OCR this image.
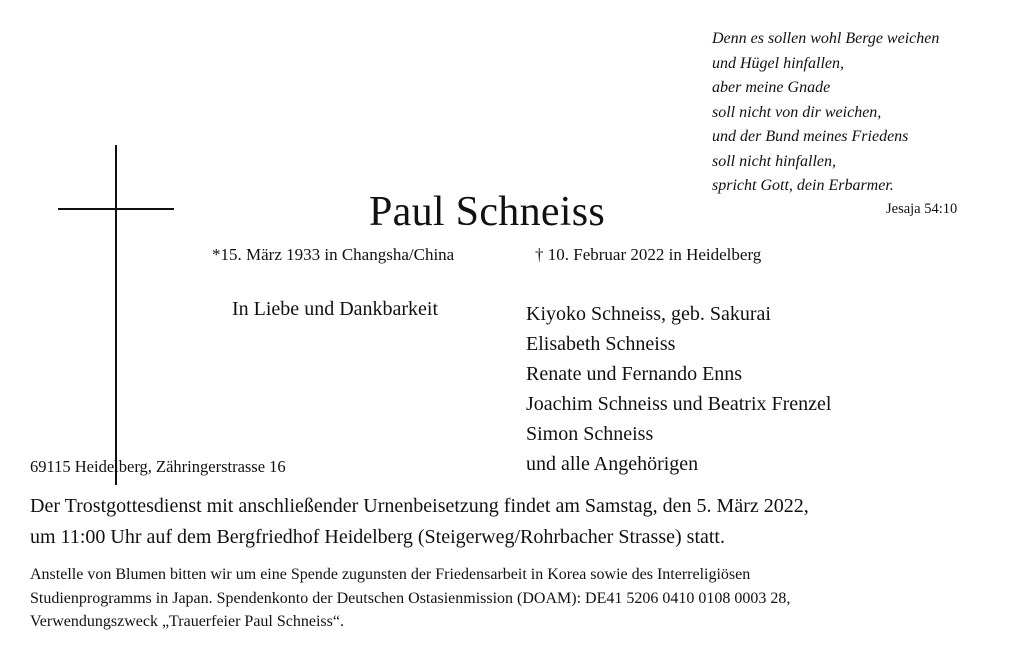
Denn es sollen wohl Berge weichen
und Hügel hinfallen,
aber meine Gnade
soll nicht von dir weichen,
und der Bund meines Friedens
soll nicht hinfallen,
spricht Gott, dein Erbarmer.
Jesaja 54:10
Paul Schneiss
*15. März 1933 in Changsha/China	† 10. Februar 2022 in Heidelberg
In Liebe und Dankbarkeit	Kiyoko Schneiss, geb. Sakurai
Elisabeth Schneiss
Renate und Fernando Enns
Joachim Schneiss und Beatrix Frenzel
Simon Schneiss
und alle Angehörigen
69115 Heidelberg, Zähringerstrasse 16
Der Trostgottesdienst mit anschließender Urnenbeisetzung findet am Samstag, den 5. März 2022,
um 11:00 Uhr auf dem Bergfriedhof Heidelberg (Steigerweg/Rohrbacher Strasse) statt.
Anstelle von Blumen bitten wir um eine Spende zugunsten der Friedensarbeit in Korea sowie des Interreligiösen
Studienprogramms in Japan. Spendenkonto der Deutschen Ostasienmission (DOAM): DE41 5206 0410 0108 0003 28,
Verwendungszweck „Trauerfeier Paul Schneiss“.
